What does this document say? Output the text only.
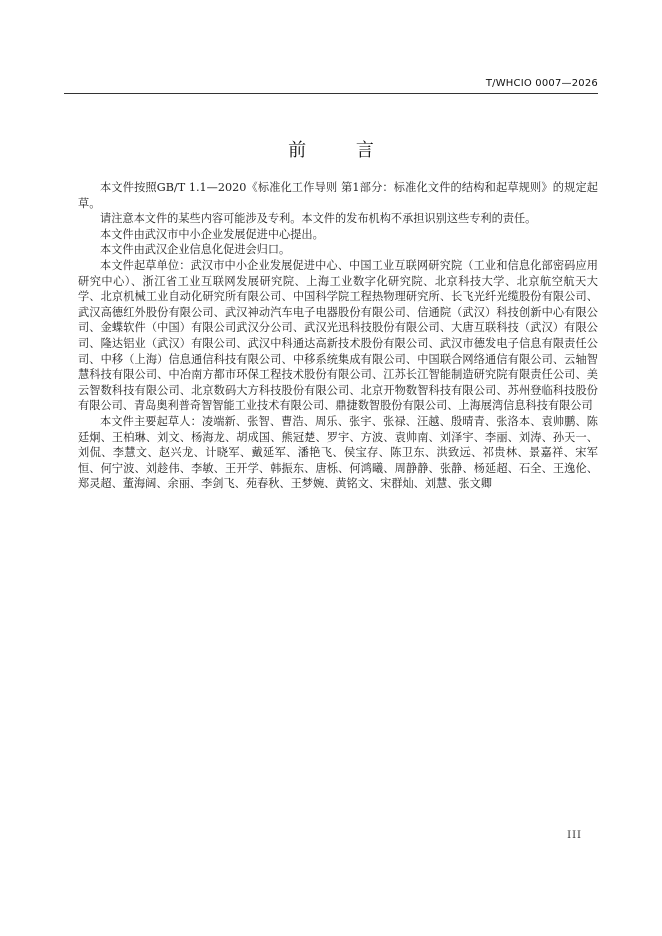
T/WHCIO 0007—2026
前 言

本文件按照GB/T 1.1—2020《标准化工作导则 第1部分：标准化文件的结构和起草规则》的规定起草。

请注意本文件的某些内容可能涉及专利。本文件的发布机构不承担识别这些专利的责任。

本文件由武汉市中小企业发展促进中心提出。

本文件由武汉企业信息化促进会归口。

本文件起草单位：武汉市中小企业发展促进中心、中国工业互联网研究院（工业和信息化部密码应用研究中心）、浙江省工业互联网发展研究院、上海工业数字化研究院、北京科技大学、北京航空航天大学、北京机械工业自动化研究所有限公司、中国科学院工程热物理研究所、长飞光纤光缆股份有限公司、武汉高德红外股份有限公司、武汉神动汽车电子电器股份有限公司、信通院（武汉）科技创新中心有限公司、金蝶软件（中国）有限公司武汉分公司、武汉光迅科技股份有限公司、大唐互联科技（武汉）有限公司、隆达铝业（武汉）有限公司、武汉中科通达高新技术股份有限公司、武汉市德发电子信息有限责任公司、中移（上海）信息通信科技有限公司、中移系统集成有限公司、中国联合网络通信有限公司、云轴智慧科技有限公司、中冶南方都市环保工程技术股份有限公司、江苏长江智能制造研究院有限责任公司、美云智数科技有限公司、北京数码大方科技股份有限公司、北京开物数智科技有限公司、苏州登临科技股份有限公司、青岛奥利普奇智智能工业技术有限公司、鼎捷数智股份有限公司、上海展湾信息科技有限公司

本文件主要起草人：凌端新、张智、曹浩、周乐、张宇、张禄、汪越、殷晴青、张洛本、袁帅鹏、陈廷炯、王柏琳、刘文、杨海龙、胡成国、熊冠楚、罗宇、方波、袁帅南、刘泽宇、李丽、刘涛、孙天一、刘侃、李慧文、赵兴龙、计晓军、戴延军、潘艳飞、侯宝存、陈卫东、洪致远、祁贵林、景嘉祥、宋军恒、何宁波、刘趁伟、李敏、王开学、韩振东、唐栎、何鸿曦、周静静、张静、杨延超、石全、王逸伦、郑灵超、董海阔、余丽、李剑飞、苑春秋、王梦婉、黄铭文、宋群灿、刘慧、张文卿

III
